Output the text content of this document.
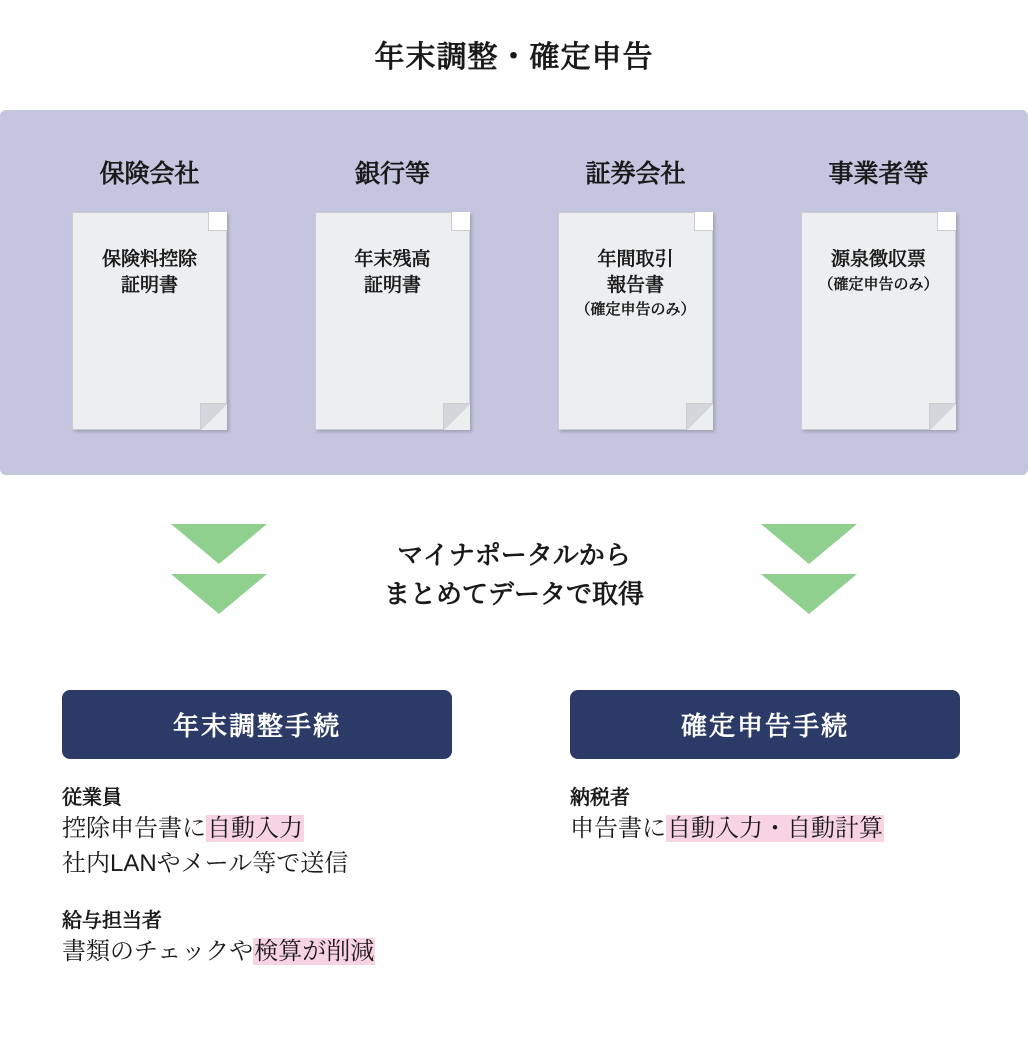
年末調整・確定申告
保険会社
保険料控除
証明書
銀行等
年末残高
証明書
証券会社
年間取引
報告書
（確定申告のみ）
事業者等
源泉徴収票
（確定申告のみ）
マイナポータルから
まとめてデータで取得
年末調整手続
従業員
控除申告書に自動入力
社内LANやメール等で送信
給与担当者
書類のチェックや検算が削減
確定申告手続
納税者
申告書に自動入力・自動計算
